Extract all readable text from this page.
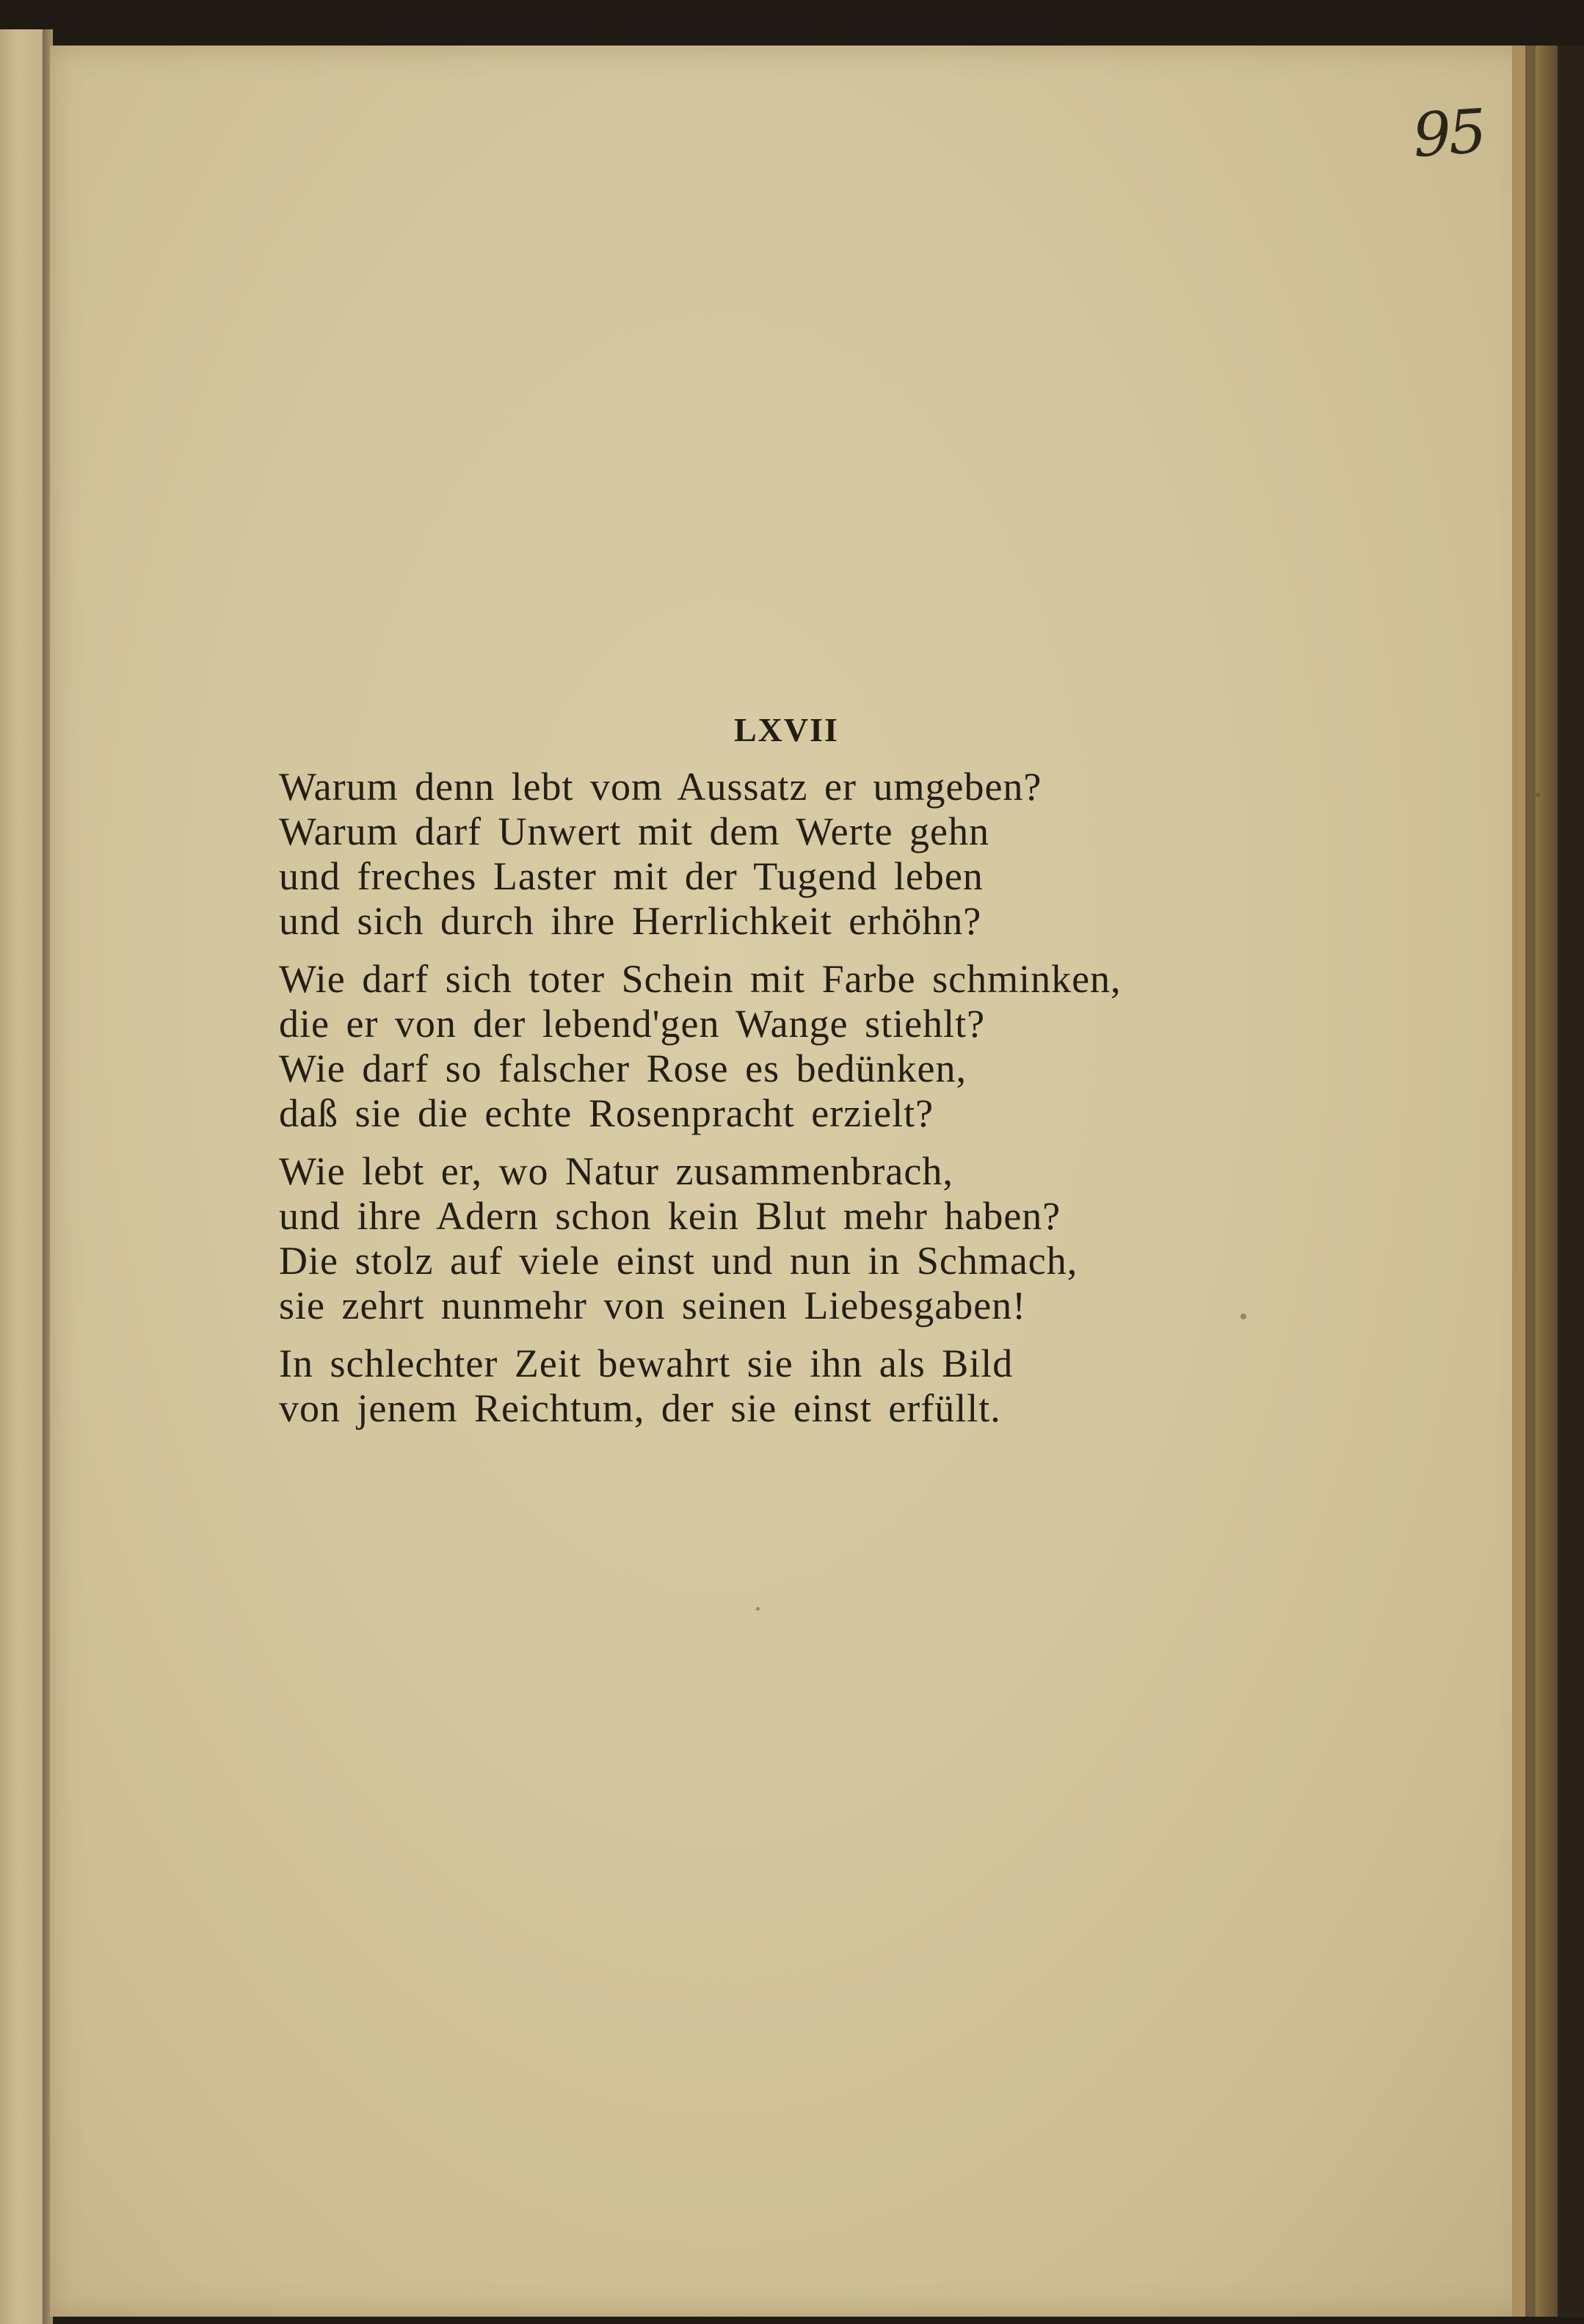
95
LXVII
Warum denn lebt vom Aussatz er umgeben?
Warum darf Unwert mit dem Werte gehn
und freches Laster mit der Tugend leben
und sich durch ihre Herrlichkeit erhöhn?
Wie darf sich toter Schein mit Farbe schminken,
die er von der lebend'gen Wange stiehlt?
Wie darf so falscher Rose es bedünken,
daß sie die echte Rosenpracht erzielt?
Wie lebt er, wo Natur zusammenbrach,
und ihre Adern schon kein Blut mehr haben?
Die stolz auf viele einst und nun in Schmach,
sie zehrt nunmehr von seinen Liebesgaben!
In schlechter Zeit bewahrt sie ihn als Bild
von jenem Reichtum, der sie einst erfüllt.
